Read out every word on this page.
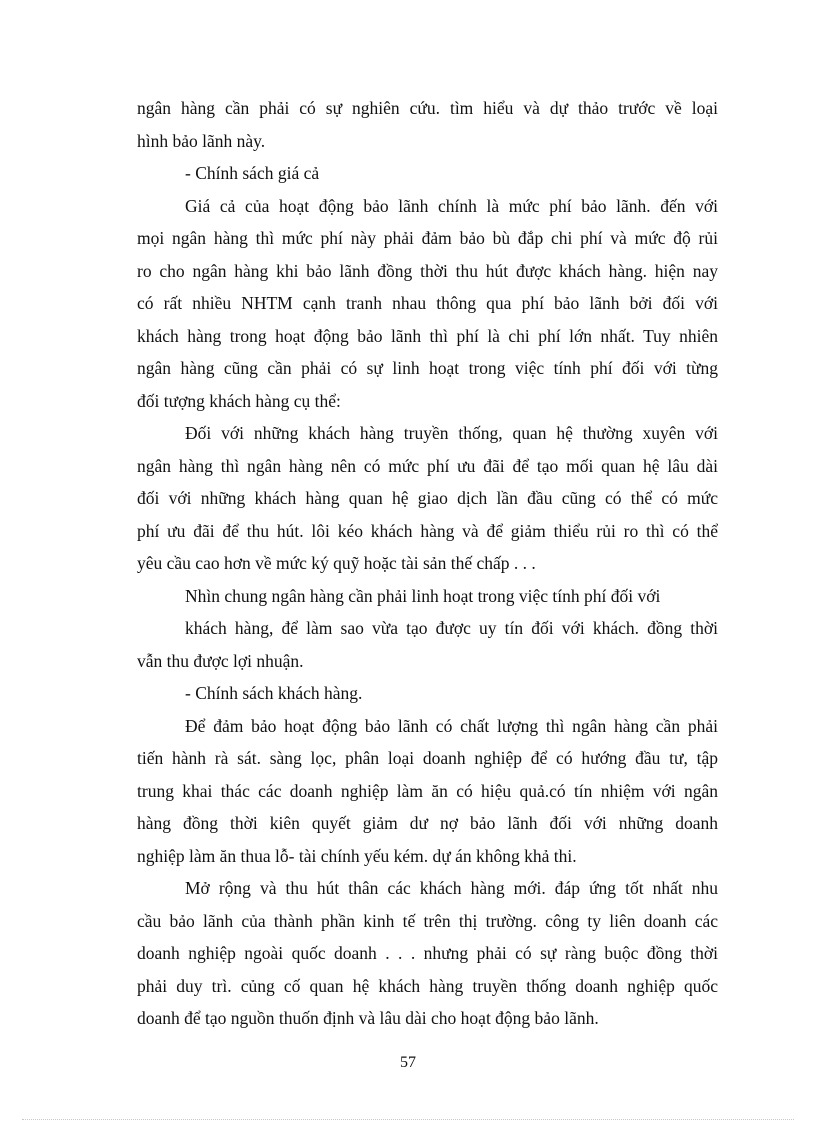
ngân hàng cần phải có sự nghiên cứu. tìm hiểu và dự thảo trước về loại
hình bảo lãnh này.
- Chính sách giá cả
Giá cả của hoạt động bảo lãnh chính là mức phí bảo lãnh. đến với
mọi ngân hàng thì mức phí này phải đảm bảo bù đắp chi phí và mức độ rủi
ro cho ngân hàng khi bảo lãnh đồng thời thu hút được khách hàng. hiện nay
có rất nhiều NHTM cạnh tranh nhau thông qua phí bảo lãnh bởi đối với
khách hàng trong hoạt động bảo lãnh thì phí là chi phí lớn nhất. Tuy nhiên
ngân hàng cũng cần phải có sự linh hoạt trong việc tính phí đối với từng
đối tượng khách hàng cụ thể:
Đối với những khách hàng truyền thống, quan hệ thường xuyên với
ngân hàng thì ngân hàng nên có mức phí ưu đãi để tạo mối quan hệ lâu dài
đối với những khách hàng quan hệ giao dịch lần đầu cũng có thể có mức
phí ưu đãi để thu hút. lôi kéo khách hàng và để giảm thiểu rủi ro thì có thể
yêu cầu cao hơn về mức ký quỹ hoặc tài sản thế chấp . . .
Nhìn chung ngân hàng cần phải linh hoạt trong việc tính phí đối với
khách hàng, để làm sao vừa tạo được uy tín đối với khách. đồng thời
vẫn thu được lợi nhuận.
- Chính sách khách hàng.
Để đảm bảo hoạt động bảo lãnh có chất lượng thì ngân hàng cần phải
tiến hành rà sát. sàng lọc, phân loại doanh nghiệp để có hướng đầu tư, tập
trung khai thác các doanh nghiệp làm ăn có hiệu quả.có tín nhiệm với ngân
hàng đồng thời kiên quyết giảm dư nợ bảo lãnh đối với những doanh
nghiệp làm ăn thua lỗ- tài chính yếu kém. dự án không khả thi.
Mở rộng và thu hút thân các khách hàng mới. đáp ứng tốt nhất nhu
cầu bảo lãnh của thành phần kinh tế trên thị trường. công ty liên doanh các
doanh nghiệp ngoài quốc doanh . . . nhưng phải có sự ràng buộc đồng thời
phải duy trì. củng cố quan hệ khách hàng truyền thống doanh nghiệp quốc
doanh để tạo nguồn thuốn định và lâu dài cho hoạt động bảo lãnh.
57
